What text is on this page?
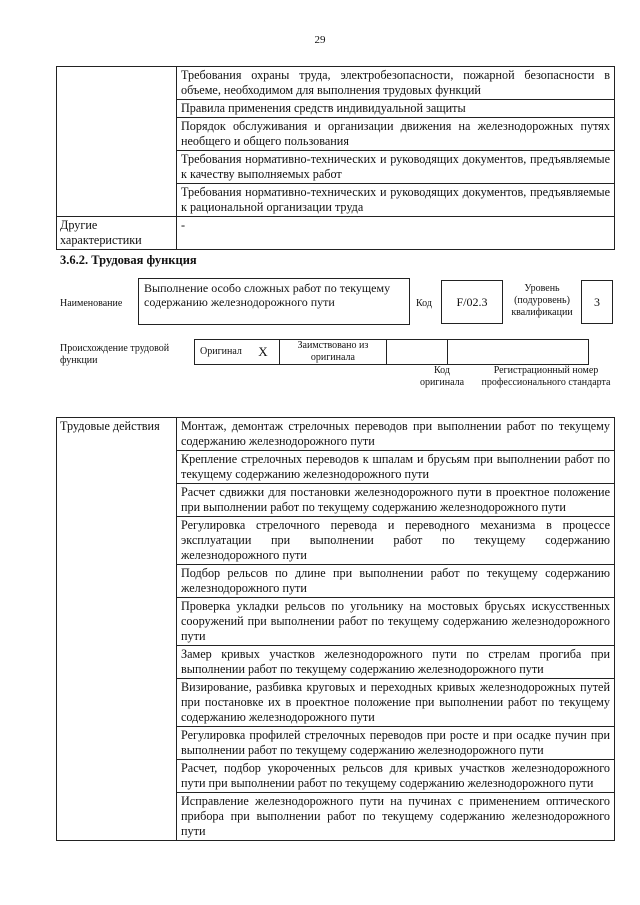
29
	Требования охраны труда, электробезопасности, пожарной безопасности в объеме, необходимом для выполнения трудовых функций
	Правила применения средств индивидуальной защиты
	Порядок обслуживания и организации движения на железнодорожных путях необщего и общего пользования
	Требования нормативно-технических и руководящих документов, предъявляемые к качеству выполняемых работ
	Требования нормативно-технических и руководящих документов, предъявляемые к рациональной организации труда
Другие характеристики	-
3.6.2. Трудовая функция
Наименование
Выполнение особо сложных работ по текущему содержанию железнодорожного пути	Код	F/02.3
Уровень (подуровень) квалификации
3
Происхождение трудовой функции
Оригинал	X	Заимствовано из оригинала		
Код оригинала
Регистрационный номер профессионального стандарта
Трудовые действия	Монтаж, демонтаж стрелочных переводов при выполнении работ по текущему содержанию железнодорожного пути
Крепление стрелочных переводов к шпалам и брусьям при выполнении работ по текущему содержанию железнодорожного пути
Расчет сдвижки для постановки железнодорожного пути в проектное положение при выполнении работ по текущему содержанию железнодорожного пути
Регулировка стрелочного перевода и переводного механизма в процессе эксплуатации при выполнении работ по текущему содержанию железнодорожного пути
Подбор рельсов по длине при выполнении работ по текущему содержанию железнодорожного пути
Проверка укладки рельсов по угольнику на мостовых брусьях искусственных сооружений при выполнении работ по текущему содержанию железнодорожного пути
Замер кривых участков железнодорожного пути по стрелам прогиба при выполнении работ по текущему содержанию железнодорожного пути
Визирование, разбивка круговых и переходных кривых железнодорожных путей при постановке их в проектное положение при выполнении работ по текущему содержанию железнодорожного пути
Регулировка профилей стрелочных переводов при росте и при осадке пучин при выполнении работ по текущему содержанию железнодорожного пути
Расчет, подбор укороченных рельсов для кривых участков железнодорожного пути при выполнении работ по текущему содержанию железнодорожного пути
Исправление железнодорожного пути на пучинах с применением оптического прибора при выполнении работ по текущему содержанию железнодорожного пути
